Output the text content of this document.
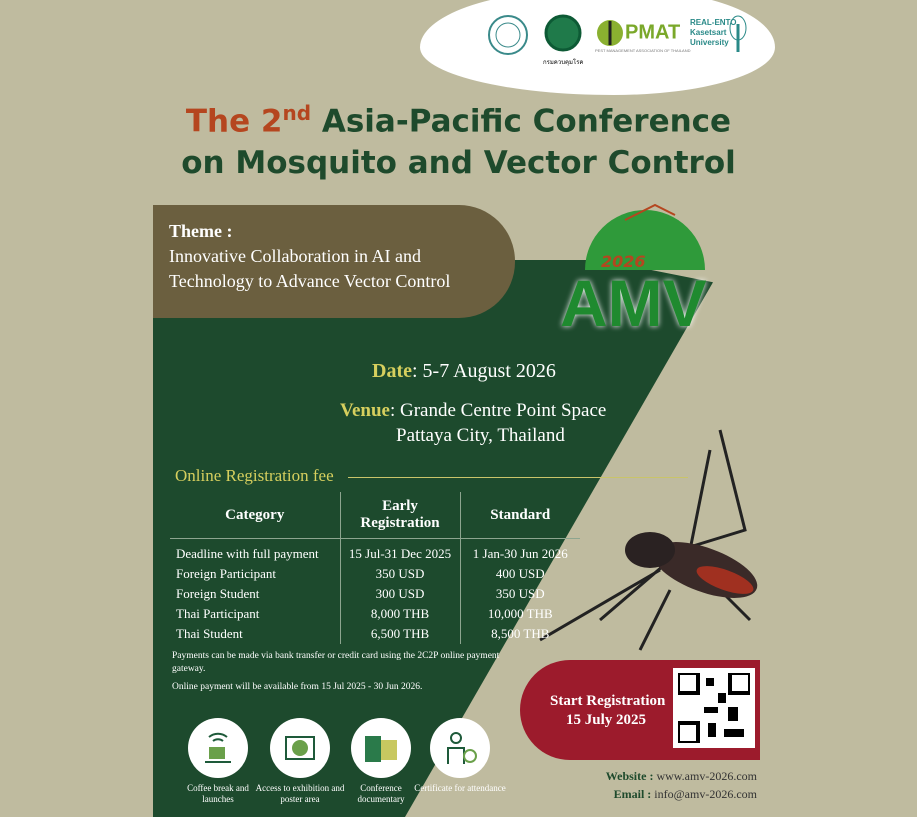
กรมควบคุมโรค
PMAT
PEST MANAGEMENT ASSOCIATION OF THAILAND
REAL-ENTO
Kasetsart
University
The 2nd Asia-Pacific Conference
on Mosquito and Vector Control
Theme :
Innovative Collaboration in AI and
Technology to Advance Vector Control
2026
AMV
Date: 5-7 August 2026
Venue: Grande Centre Point Space
Pattaya City, Thailand
Online Registration fee
Category	Early Registration	Standard
Deadline with full payment	15 Jul-31 Dec 2025	1 Jan-30 Jun 2026
Foreign Participant	350 USD	400 USD
Foreign Student	300 USD	350 USD
Thai Participant	8,000 THB	10,000 THB
Thai Student	6,500 THB	8,500 THB

Payments can be made via bank transfer or credit card using the 2C2P online payment gateway.

Online payment will be available from 15 Jul 2025 - 30 Jun 2026.

Start Registration
15 July 2025
Coffee break and launches
Access to exhibition and poster area
Conference documentary
Certificate for attendance
Website : www.amv-2026.com
Email : info@amv-2026.com
